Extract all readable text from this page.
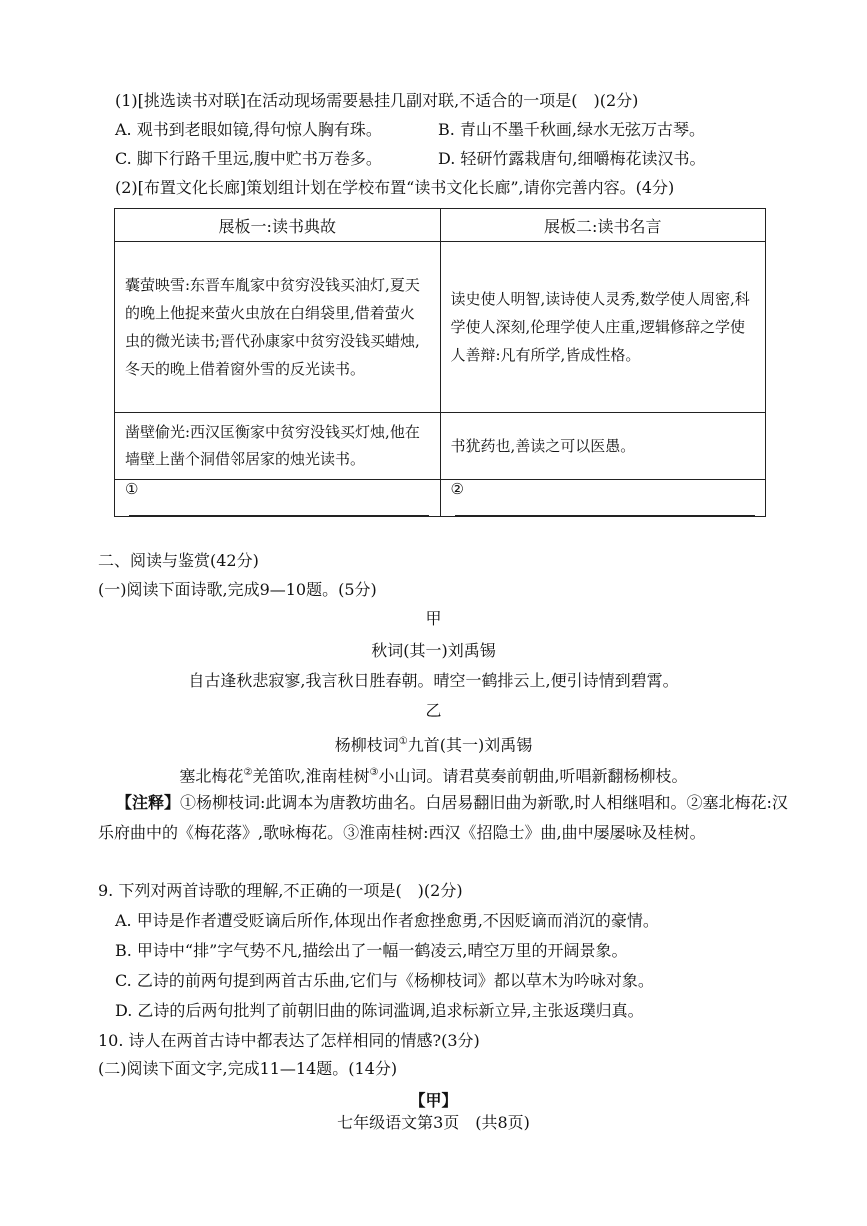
(1)[挑选读书对联]在活动现场需要悬挂几副对联,不适合的一项是(　)(2分)
A. 观书到老眼如镜,得句惊人胸有珠。	B. 青山不墨千秋画,绿水无弦万古琴。
C. 脚下行路千里远,腹中贮书万卷多。	D. 轻研竹露栽唐句,细嚼梅花读汉书。
(2)[布置文化长廊]策划组计划在学校布置“读书文化长廊”,请你完善内容。(4分)
展板一:读书典故	展板二:读书名言
囊萤映雪:东晋车胤家中贫穷没钱买油灯,夏天的晚上他捉来萤火虫放在白绢袋里,借着萤火虫的微光读书;晋代孙康家中贫穷没钱买蜡烛,冬天的晚上借着窗外雪的反光读书。	读史使人明智,读诗使人灵秀,数学使人周密,科学使人深刻,伦理学使人庄重,逻辑修辞之学使人善辩:凡有所学,皆成性格。
凿壁偷光:西汉匡衡家中贫穷没钱买灯烛,他在墙壁上凿个洞借邻居家的烛光读书。	书犹药也,善读之可以医愚。
①	②
二、阅读与鉴赏(42分)
(一)阅读下面诗歌,完成9—10题。(5分)
甲
秋词(其一)刘禹锡
自古逢秋悲寂寥,我言秋日胜春朝。晴空一鹤排云上,便引诗情到碧霄。
乙
杨柳枝词①九首(其一)刘禹锡
塞北梅花②羌笛吹,淮南桂树③小山词。请君莫奏前朝曲,听唱新翻杨柳枝。
【注释】①杨柳枝词:此调本为唐教坊曲名。白居易翻旧曲为新歌,时人相继唱和。②塞北梅花:汉乐府曲中的《梅花落》,歌咏梅花。③淮南桂树:西汉《招隐士》曲,曲中屡屡咏及桂树。
9. 下列对两首诗歌的理解,不正确的一项是(　)(2分)
A. 甲诗是作者遭受贬谪后所作,体现出作者愈挫愈勇,不因贬谪而消沉的豪情。
B. 甲诗中“排”字气势不凡,描绘出了一幅一鹤凌云,晴空万里的开阔景象。
C. 乙诗的前两句提到两首古乐曲,它们与《杨柳枝词》都以草木为吟咏对象。
D. 乙诗的后两句批判了前朝旧曲的陈词滥调,追求标新立异,主张返璞归真。
10. 诗人在两首古诗中都表达了怎样相同的情感?(3分)
(二)阅读下面文字,完成11—14题。(14分)
【甲】
七年级语文第3页　(共8页)
